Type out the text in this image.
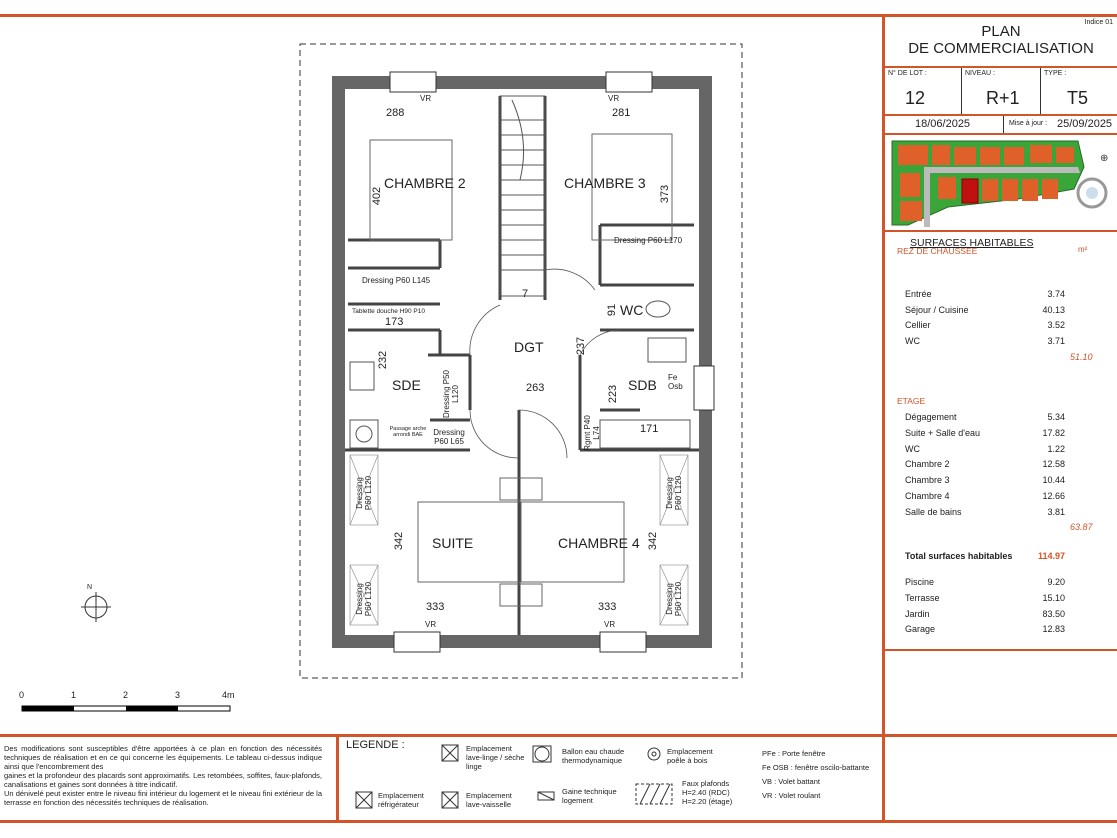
Indice 01
PLAN
DE COMMERCIALISATION
N° DE LOT :
12
NIVEAU :
R+1
TYPE :
T5
18/06/2025	Mise à jour : 25/09/2025
⊕
SURFACES HABITABLES
REZ DE CHAUSSEE	m²
Entrée	3.74
Séjour / Cuisine	40.13
Cellier	3.52
WC	3.71
51.10
ETAGE
Dégagement	5.34
Suite + Salle d'eau	17.82
WC	1.22
Chambre 2	12.58
Chambre 3	10.44
Chambre 4	12.66
Salle de bains	3.81
63.87
Total surfaces habitables	114.97
Piscine	9.20
Terrasse	15.10
Jardin	83.50
Garage	12.83
CHAMBRE 2	CHAMBRE 3
DGT
WC
SDE	SDB
SUITE	CHAMBRE 4
288	281
402	373
173
232
237
263	223
171
91
342	342
333	333
7
VR	VR
VR	VR
Dressing P60 L145
Dressing P60 L170
Tablette douche H90 P10
Dressing P50 L120
Dressing P60 L65	Rgmt P40 L74
Passage arche arrondi BAE
Dressing P60 L120
Dressing P60 L120
Dressing P60 L120
Dressing P60 L120
Fe Osb
0	1	2	3	4m
N
Des modifications sont susceptibles d'être apportées à ce plan en fonction des nécessités techniques de réalisation et en ce qui concerne les équipements. Le tableau ci-dessus indique ainsi que l'encombrement des
gaines et la profondeur des placards sont approximatifs. Les retombées, soffites, faux-plafonds, canalisations et gaines sont données à titre indicatif.
Un dénivelé peut exister entre le niveau fini intérieur du logement et le niveau fini extérieur de la terrasse en fonction des nécessités techniques de réalisation.
LEGENDE :	Emplacement lave-linge / sèche linge
Ballon eau chaude thermodynamique
Emplacement poêle à bois
Emplacement réfrigérateur
Emplacement lave-vaisselle
Gaine technique logement
Faux plafonds H=2.40 (RDC) H=2.20 (étage)
PFe : Porte fenêtre
Fe OSB : fenêtre oscilo-battante
VB : Volet battant
VR : Volet roulant
